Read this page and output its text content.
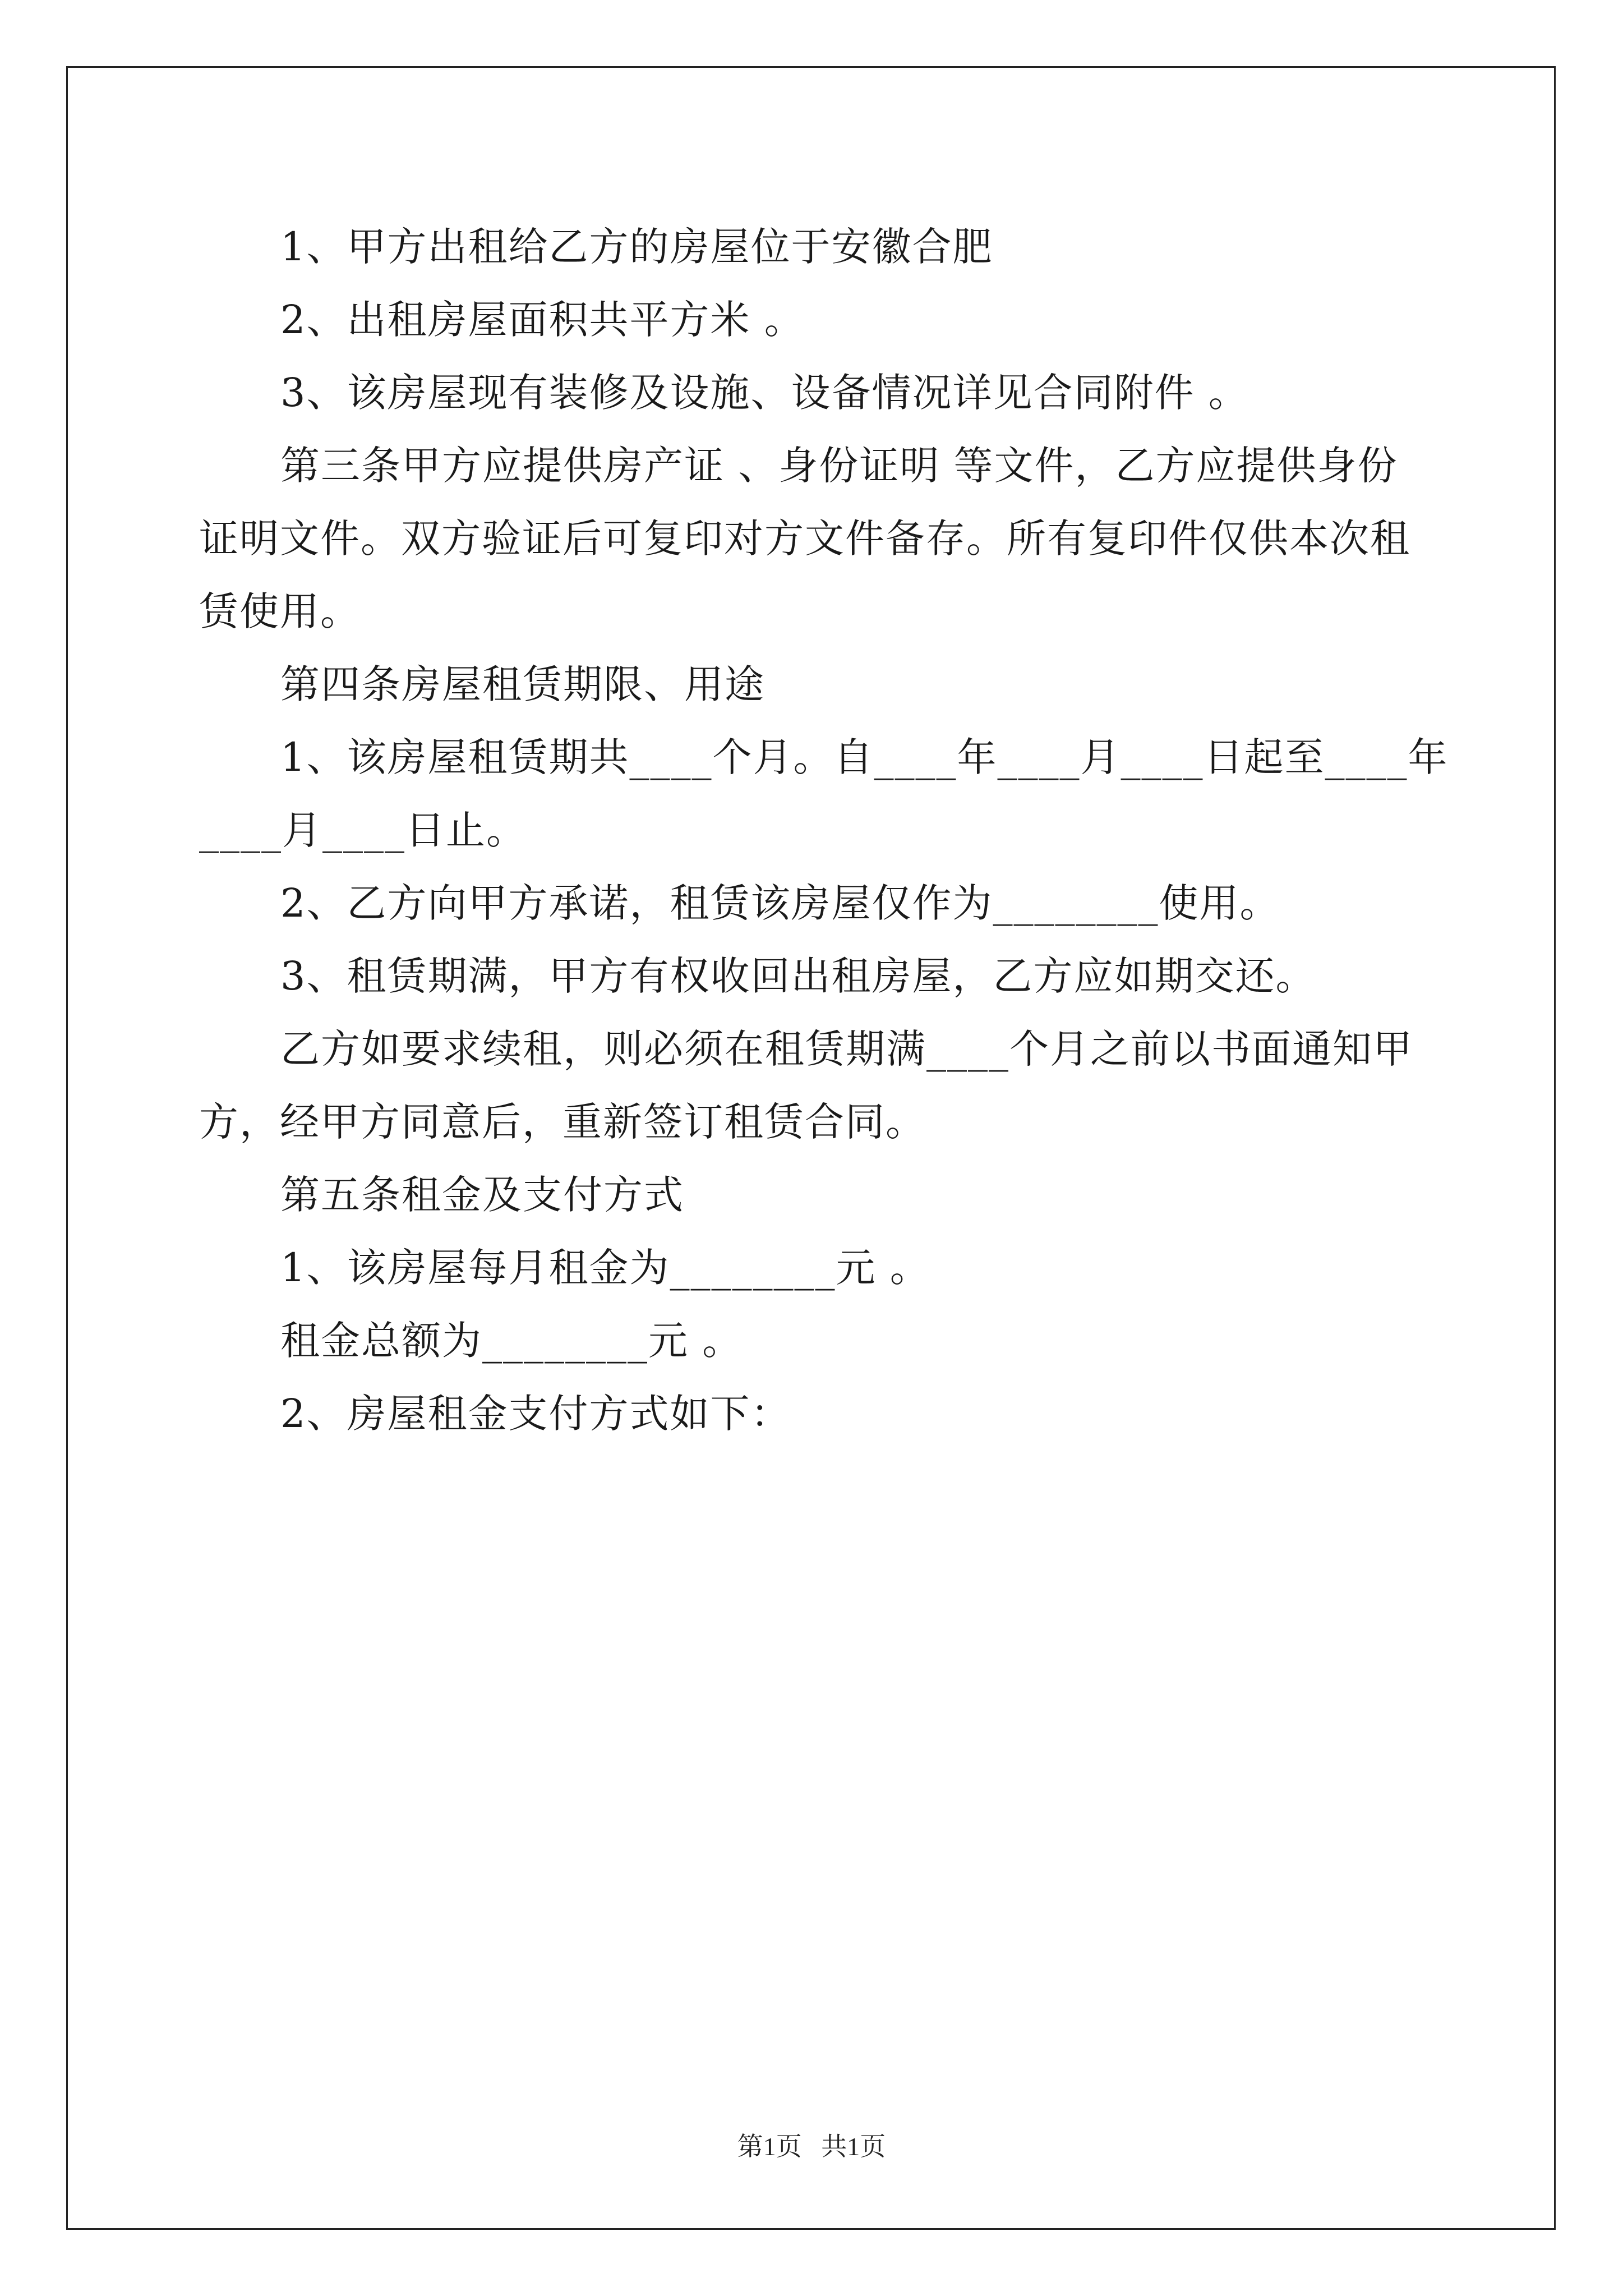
1、甲方出租给乙方的房屋位于安徽合肥
2、出租房屋面积共平方米 。
3、该房屋现有装修及设施、设备情况详见合同附件 。
第三条甲方应提供房产证 、身份证明 等文件，乙方应提供身份
证明文件。双方验证后可复印对方文件备存。所有复印件仅供本次租
赁使用。
第四条房屋租赁期限、用途
1、该房屋租赁期共____个月。自____年____月____日起至____年
____月____日止。
2、乙方向甲方承诺，租赁该房屋仅作为________使用。
3、租赁期满，甲方有权收回出租房屋，乙方应如期交还。
乙方如要求续租，则必须在租赁期满____个月之前以书面通知甲
方，经甲方同意后，重新签订租赁合同。
第五条租金及支付方式
1、该房屋每月租金为________元 。
租金总额为________元 。
2、房屋租金支付方式如下：
第1页   共1页
